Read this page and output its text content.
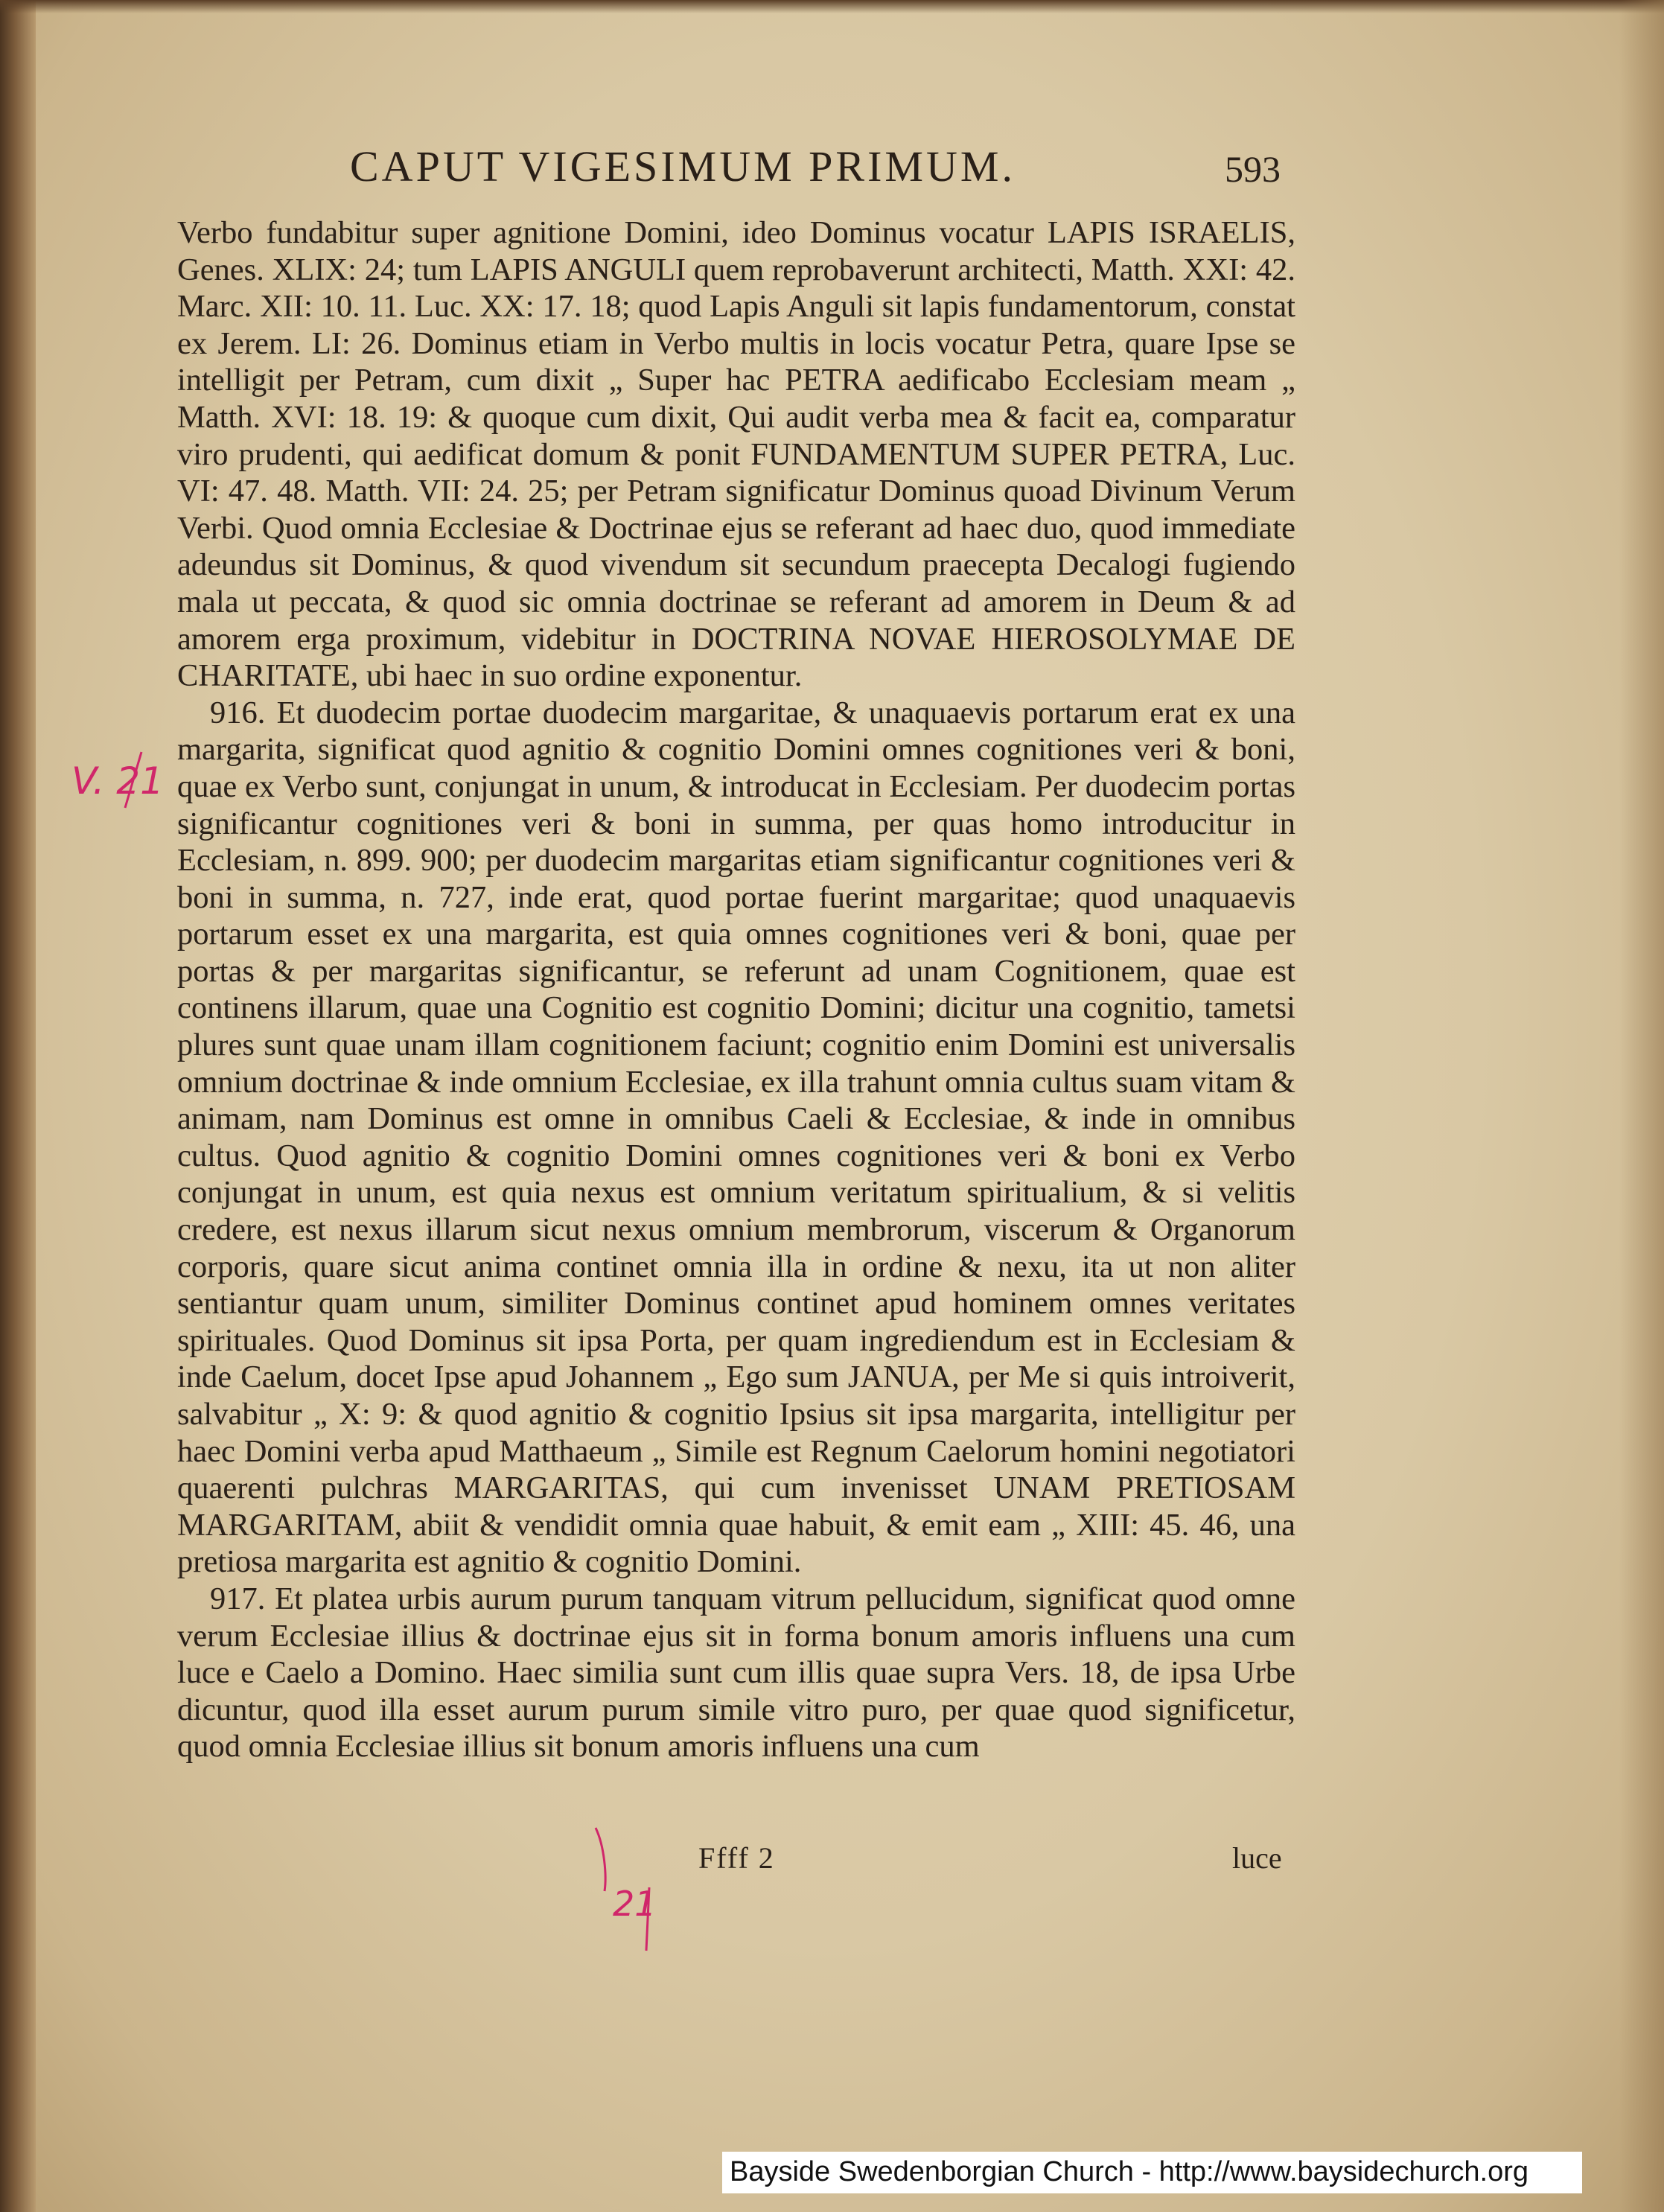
CAPUT VIGESIMUM PRIMUM.	593

Verbo fundabitur super agnitione Domini, ideo Dominus vocatur LAPIS ISRAELIS, Genes. XLIX: 24; tum LAPIS ANGULI quem reprobaverunt architecti, Matth. XXI: 42. Marc. XII: 10. 11. Luc. XX: 17. 18; quod Lapis Anguli sit lapis fundamentorum, constat ex Jerem. LI: 26. Dominus etiam in Verbo multis in locis vocatur Petra, quare Ipse se intelligit per Petram, cum dixit „ Super hac PETRA aedificabo Ecclesiam meam „ Matth. XVI: 18. 19: & quoque cum dixit, Qui audit verba mea & facit ea, comparatur viro prudenti, qui aedificat domum & ponit FUNDAMENTUM SUPER PETRA, Luc. VI: 47. 48. Matth. VII: 24. 25; per Petram significatur Dominus quoad Divinum Verum Verbi. Quod omnia Ecclesiae & Doctrinae ejus se referant ad haec duo, quod immediate adeundus sit Dominus, & quod vivendum sit secundum praecepta Decalogi fugiendo mala ut peccata, & quod sic omnia doctrinae se referant ad amorem in Deum & ad amorem erga proximum, videbitur in DOCTRINA NOVAE HIEROSOLYMAE DE CHARITATE, ubi haec in suo ordine exponentur.

916. Et duodecim portae duodecim margaritae, & unaquaevis portarum erat ex una margarita, significat quod agnitio & cognitio Domini omnes cognitiones veri & boni, quae ex Verbo sunt, conjungat in unum, & introducat in Ecclesiam. Per duodecim portas significantur cognitiones veri & boni in summa, per quas homo introducitur in Ecclesiam, n. 899. 900; per duodecim margaritas etiam significantur cognitiones veri & boni in summa, n. 727, inde erat, quod portae fuerint margaritae; quod unaquaevis portarum esset ex una margarita, est quia omnes cognitiones veri & boni, quae per portas & per margaritas significantur, se referunt ad unam Cognitionem, quae est continens illarum, quae una Cognitio est cognitio Domini; dicitur una cognitio, tametsi plures sunt quae unam illam cognitionem faciunt; cognitio enim Domini est universalis omnium doctrinae & inde omnium Ecclesiae, ex illa trahunt omnia cultus suam vitam & animam, nam Dominus est omne in omnibus Caeli & Ecclesiae, & inde in omnibus cultus. Quod agnitio & cognitio Domini omnes cognitiones veri & boni ex Verbo conjungat in unum, est quia nexus est omnium veritatum spiritualium, & si velitis credere, est nexus illarum sicut nexus omnium membrorum, viscerum & Organorum corporis, quare sicut anima continet omnia illa in ordine & nexu, ita ut non aliter sentiantur quam unum, similiter Dominus continet apud hominem omnes veritates spirituales. Quod Dominus sit ipsa Porta, per quam ingrediendum est in Ecclesiam & inde Caelum, docet Ipse apud Johannem „ Ego sum JANUA, per Me si quis introiverit, salvabitur „ X: 9: & quod agnitio & cognitio Ipsius sit ipsa margarita, intelligitur per haec Domini verba apud Matthaeum „ Simile est Regnum Caelorum homini negotiatori quaerenti pulchras MARGARITAS, qui cum invenisset UNAM PRETIOSAM MARGARITAM, abiit & vendidit omnia quae habuit, & emit eam „ XIII: 45. 46, una pretiosa margarita est agnitio & cognitio Domini.

917. Et platea urbis aurum purum tanquam vitrum pellucidum, significat quod omne verum Ecclesiae illius & doctrinae ejus sit in forma bonum amoris influens una cum luce e Caelo a Domino. Haec similia sunt cum illis quae supra Vers. 18, de ipsa Urbe dicuntur, quod illa esset aurum purum simile vitro puro, per quae quod significetur, quod omnia Ecclesiae illius sit bonum amoris influens una cum

Ffff 2	luce
V. 21
21
Bayside Swedenborgian Church - http://www.baysidechurch.org
